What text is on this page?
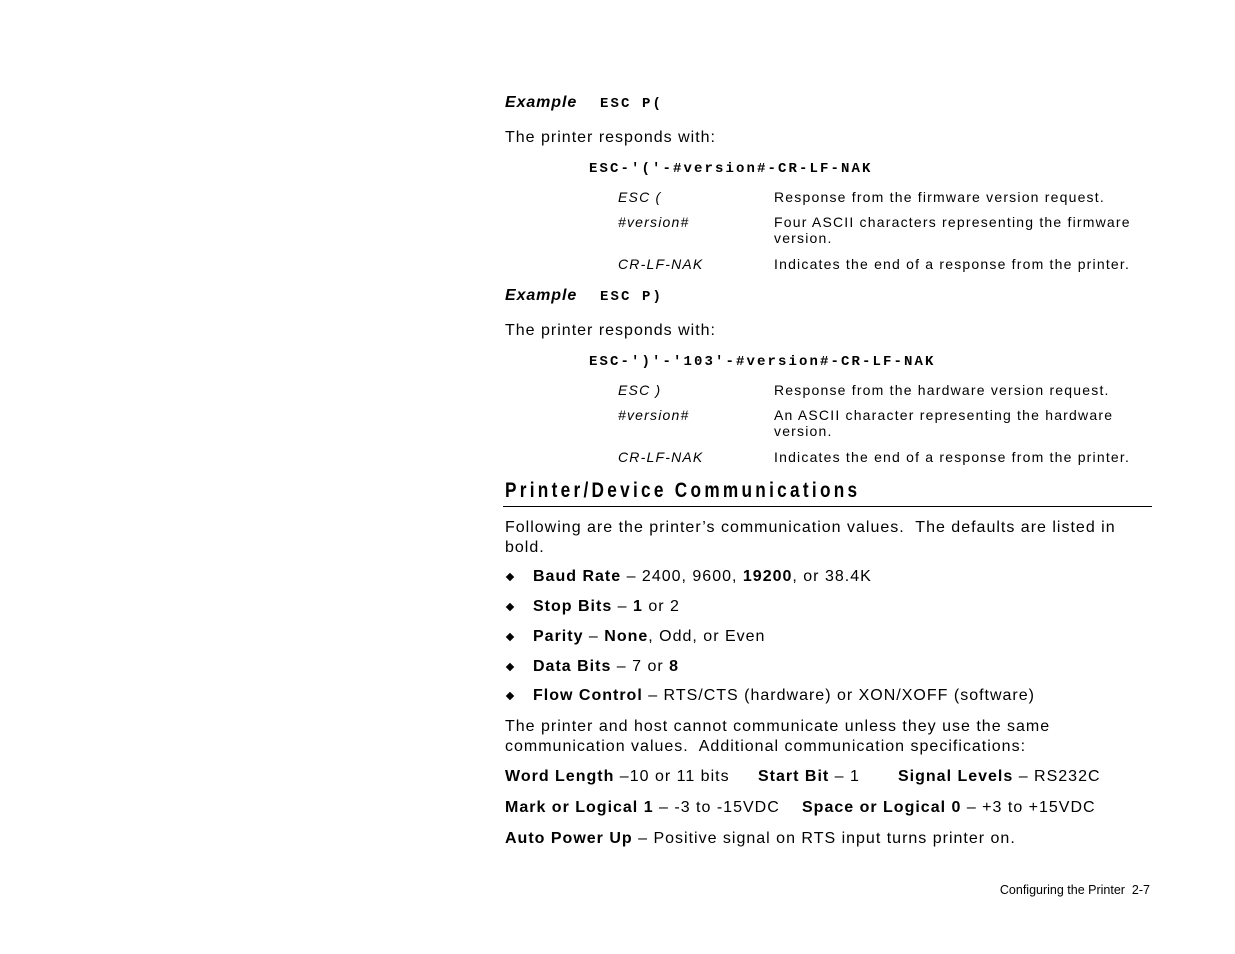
Example	ESC P(
The printer responds with:
ESC-'('-#version#-CR-LF-NAK
ESC (	Response from the firmware version request.
#version#	Four ASCII characters representing the firmware version.
CR-LF-NAK	Indicates the end of a response from the printer.
Example	ESC P)
The printer responds with:
ESC-')'-'103'-#version#-CR-LF-NAK
ESC )	Response from the hardware version request.
#version#	An ASCII character representing the hardware version.
CR-LF-NAK	Indicates the end of a response from the printer.
Printer/Device Communications

Following are the printer’s communication values.  The defaults are listed in bold.

Baud Rate – 2400, 9600, 19200, or 38.4K

Stop Bits – 1 or 2

Parity – None, Odd, or Even

Data Bits – 7 or 8

Flow Control – RTS/CTS (hardware) or XON/XOFF (software)

The printer and host cannot communicate unless they use the same communication values.  Additional communication specifications:

Word Length –10 or 11 bits

Start Bit – 1

Signal Levels – RS232C

Mark or Logical 1 – -3 to -15VDC

Space or Logical 0 – +3 to +15VDC

Auto Power Up – Positive signal on RTS input turns printer on.

Configuring the Printer  2-7
